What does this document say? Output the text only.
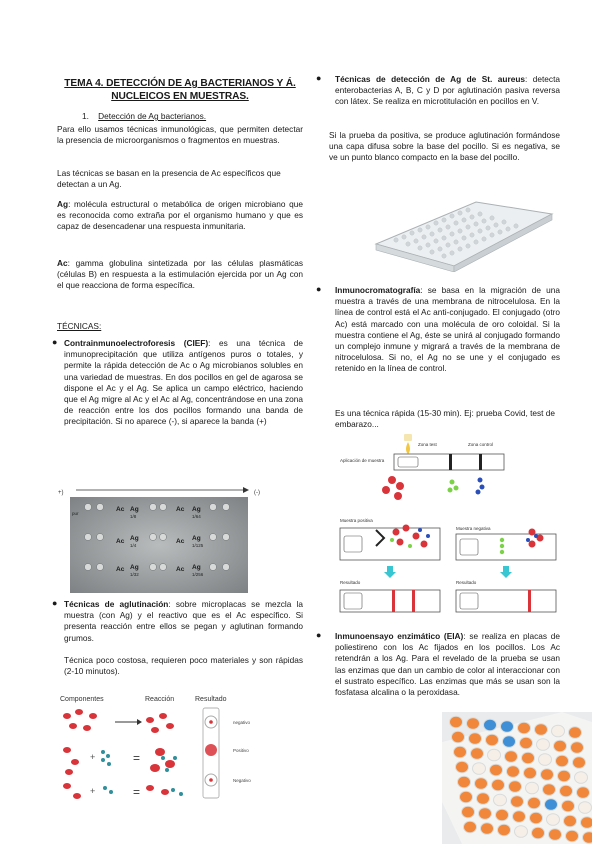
TEMA 4. DETECCIÓN DE Ag BACTERIANOS Y Á. NUCLEICOS EN MUESTRAS.
1. Detección de Ag bacterianos.
Para ello usamos técnicas inmunológicas, que permiten detectar la presencia de microorganismos o fragmentos en muestras.
Las técnicas se basan en la presencia de Ac específicos que detectan a un Ag.
Ag: molécula estructural o metabólica de origen microbiano que es reconocida como extraña por el organismo humano y que es capaz de desencadenar una respuesta inmunitaria.
Ac: gamma globulina sintetizada por las células plasmáticas (células B) en respuesta a la estimulación ejercida por un Ag con el que reacciona de forma específica.
TÉCNICAS:
● Contrainmunoelectroforesis (CIEF): es una técnica de inmunoprecipitación que utiliza antígenos puros o totales, y permite la rápida detección de Ac o Ag microbianos solubles en una variedad de muestras. En dos pocillos en gel de agarosa se dispone el Ac y el Ag. Se aplica un campo eléctrico, haciendo que el Ag migre al Ac y el Ac al Ag, concentrándose en una zona de reacción entre los dos pocillos formando una banda de precipitación. Si no aparece (-), si aparece la banda (+)
+)	(-)
Ac Ag	Ac Ag
Ac Ag	Ac Ag
Ac Ag	Ac Ag
pur
1/8	1/64
1/4	1/125
1/32	1/256
● Técnicas de aglutinación: sobre microplacas se mezcla la muestra (con Ag) y el reactivo que es el Ac específico. Si presenta reacción entre ellos se pegan y aglutinan formando grumos.
Técnica poco costosa, requieren poco materiales y son rápidas (2-10 minutos).
Componentes	Reacción	Resultado
+
+
=
=
negativo
Positivo
Negativo
● Técnicas de detección de Ag de St. aureus: detecta enterobacterias A, B, C y D por aglutinación pasiva reversa con látex. Se realiza en microtitulación en pocillos en V.
Si la prueba da positiva, se produce aglutinación formándose una capa difusa sobre la base del pocillo. Si es negativa, se ve un punto blanco compacto en la base del pocillo.
● Inmunocromatografía: se basa en la migración de una muestra a través de una membrana de nitrocelulosa. En la línea de control está el Ac anti-conjugado. El conjugado (otro Ac) está marcado con una molécula de oro coloidal. Si la muestra contiene el Ag, éste se unirá al conjugado formando un complejo inmune y migrará a través de la membrana de nitrocelulosa. Si no, el Ag no se une y el conjugado es retenido en la línea de control.
Es una técnica rápida (15-30 min). Ej: prueba Covid, test de embarazo...
Aplicación de muestra
Zona test	Zona control
Muestra positiva
Muestra negativa
Resultado	Resultado
● Inmunoensayo enzimático (EIA): se realiza en placas de poliestireno con los Ac fijados en los pocillos. Los Ac retendrán a los Ag. Para el revelado de la prueba se usan las enzimas que dan un cambio de color al interaccionar con el sustrato específico. Las enzimas que más se usan son la fosfatasa alcalina o la peroxidasa.
